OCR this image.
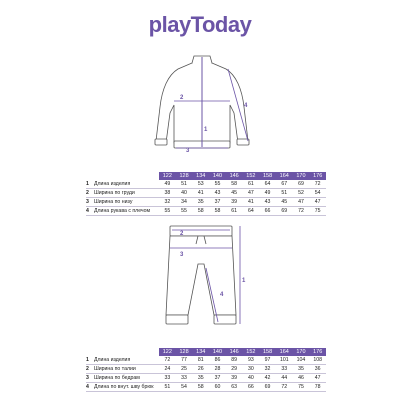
playToday
1
2
3
4
122	128	134	140	146	152	158	164	170	176
1 Длина изделия	49	51	53	55	58	61	64	67	69	72
2 Ширина по груди	38	40	41	43	45	47	49	51	52	54
3 Ширина по низу	32	34	35	37	39	41	43	45	47	47
4 Длина рукава с плечом	55	55	58	58	61	64	66	69	72	75
1
2
3
4
122	128	134	140	146	152	158	164	170	176
1 Длина изделия	72	77	81	86	89	93	97	101	104	108
2 Ширина по талии	24	25	26	28	29	30	32	33	35	36
3 Ширина по бедрам	33	33	35	37	39	40	42	44	46	47
4 Длина по внут. шву брюк	51	54	58	60	63	66	69	72	75	78
